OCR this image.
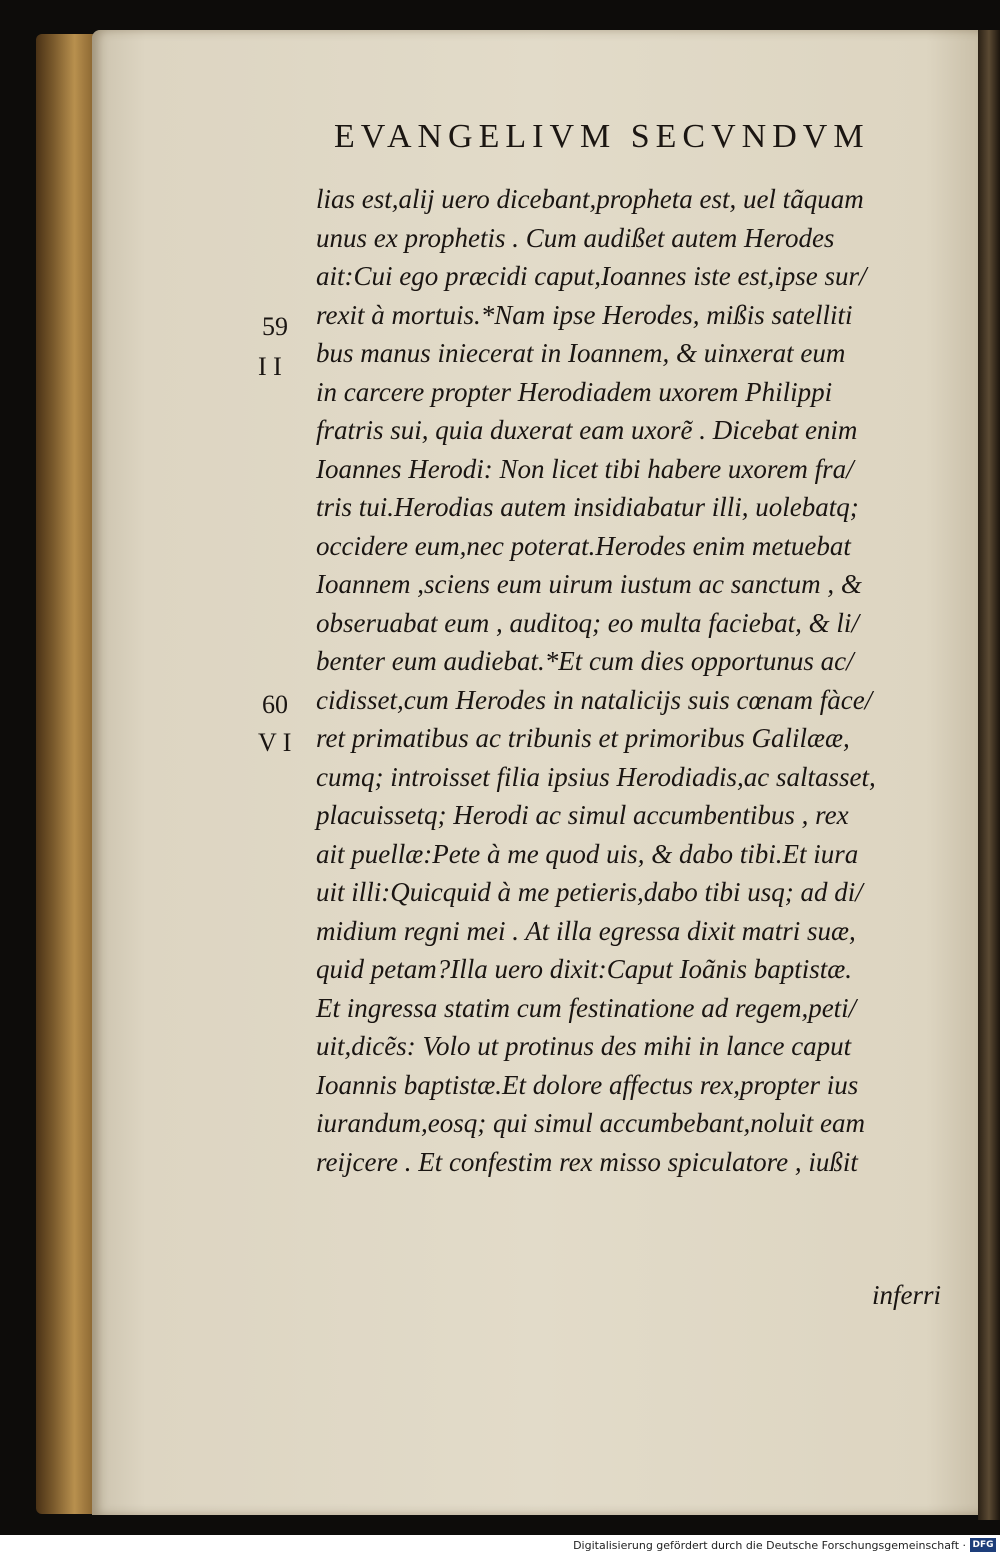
EVANGELIVM SECVNDVM
59
I I
60
V I
lias est,alij uero dicebant,propheta est, uel tãquam
unus ex prophetis . Cum audißet autem Herodes
ait:Cui ego præcidi caput,Ioannes iste est,ipse sur/
rexit à mortuis.*Nam ipse Herodes, mißis satelliti
bus manus iniecerat in Ioannem, & uinxerat eum
in carcere propter Herodiadem uxorem Philippi
fratris sui, quia duxerat eam uxorẽ . Dicebat enim
Ioannes Herodi: Non licet tibi habere uxorem fra/
tris tui.Herodias autem insidiabatur illi, uolebatq;
occidere eum,nec poterat.Herodes enim metuebat
Ioannem ,sciens eum uirum iustum ac sanctum , &
obseruabat eum , auditoq; eo multa faciebat, & li/
benter eum audiebat.*Et cum dies opportunus ac/
cidisset,cum Herodes in natalicijs suis cœnam fàce/
ret primatibus ac tribunis et primoribus Galilææ,
cumq; introisset filia ipsius Herodiadis,ac saltasset,
placuissetq; Herodi ac simul accumbentibus , rex
ait puellæ:Pete à me quod uis, & dabo tibi.Et iura
uit illi:Quicquid à me petieris,dabo tibi usq; ad di/
midium regni mei . At illa egressa dixit matri suæ,
quid petam?Illa uero dixit:Caput Ioãnis baptistæ.
Et ingressa statim cum festinatione ad regem,peti/
uit,dicẽs: Volo ut protinus des mihi in lance caput
Ioannis baptistæ.Et dolore affectus rex,propter ius
iurandum,eosq; qui simul accumbebant,noluit eam
reijcere . Et confestim rex misso spiculatore , iußit
inferri
Digitalisierung gefördert durch die Deutsche Forschungsgemeinschaft · DFG
